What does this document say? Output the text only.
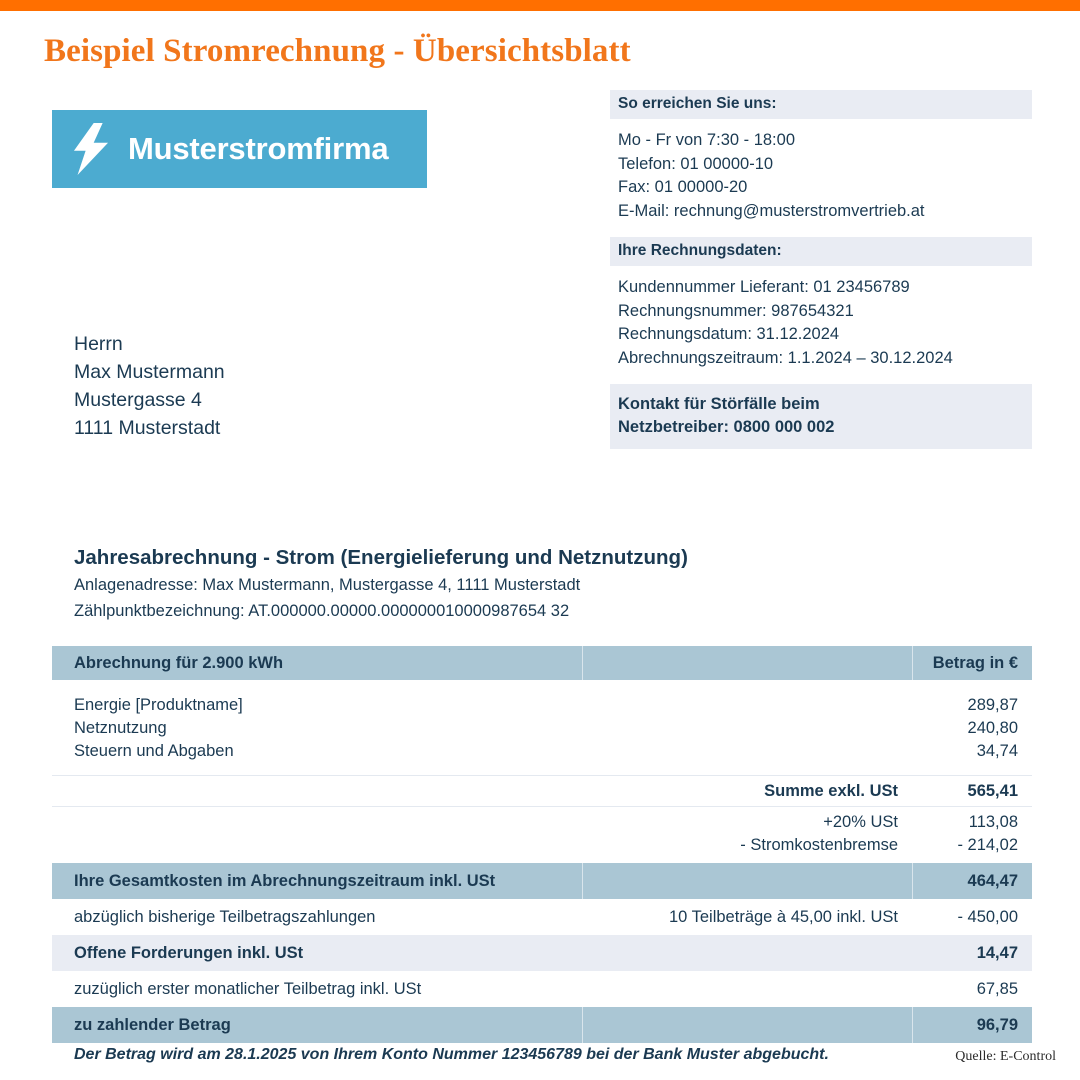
Beispiel Stromrechnung - Übersichtsblatt
Musterstromfirma
Herrn
Max Mustermann
Mustergasse 4
1111 Musterstadt
So erreichen Sie uns:
Mo - Fr von 7:30 - 18:00
Telefon: 01 00000-10
Fax: 01 00000-20
E-Mail: rechnung@musterstromvertrieb.at
Ihre Rechnungsdaten:
Kundennummer Lieferant: 01 23456789
Rechnungsnummer: 987654321
Rechnungsdatum: 31.12.2024
Abrechnungszeitraum: 1.1.2024 – 30.12.2024
Kontakt für Störfälle beim
Netzbetreiber: 0800 000 002
Jahresabrechnung - Strom (Energielieferung und Netznutzung)
Anlagenadresse: Max Mustermann, Mustergasse 4, 1111 Musterstadt
Zählpunktbezeichnung: AT.000000.00000.000000010000987654 32
Abrechnung für 2.900 kWh	Betrag in €
Energie [Produktname]	289,87
Netznutzung	240,80
Steuern und Abgaben	34,74
Summe exkl. USt	565,41
+20% USt	113,08
- Stromkostenbremse	- 214,02
Ihre Gesamtkosten im Abrechnungszeitraum inkl. USt	464,47
abzüglich bisherige Teilbetragszahlungen	10 Teilbeträge à 45,00 inkl. USt	- 450,00
Offene Forderungen inkl. USt	14,47
zuzüglich erster monatlicher Teilbetrag inkl. USt	67,85
zu zahlender Betrag	96,79
Der Betrag wird am 28.1.2025 von Ihrem Konto Nummer 123456789 bei der Bank Muster abgebucht.	Quelle: E-Control
